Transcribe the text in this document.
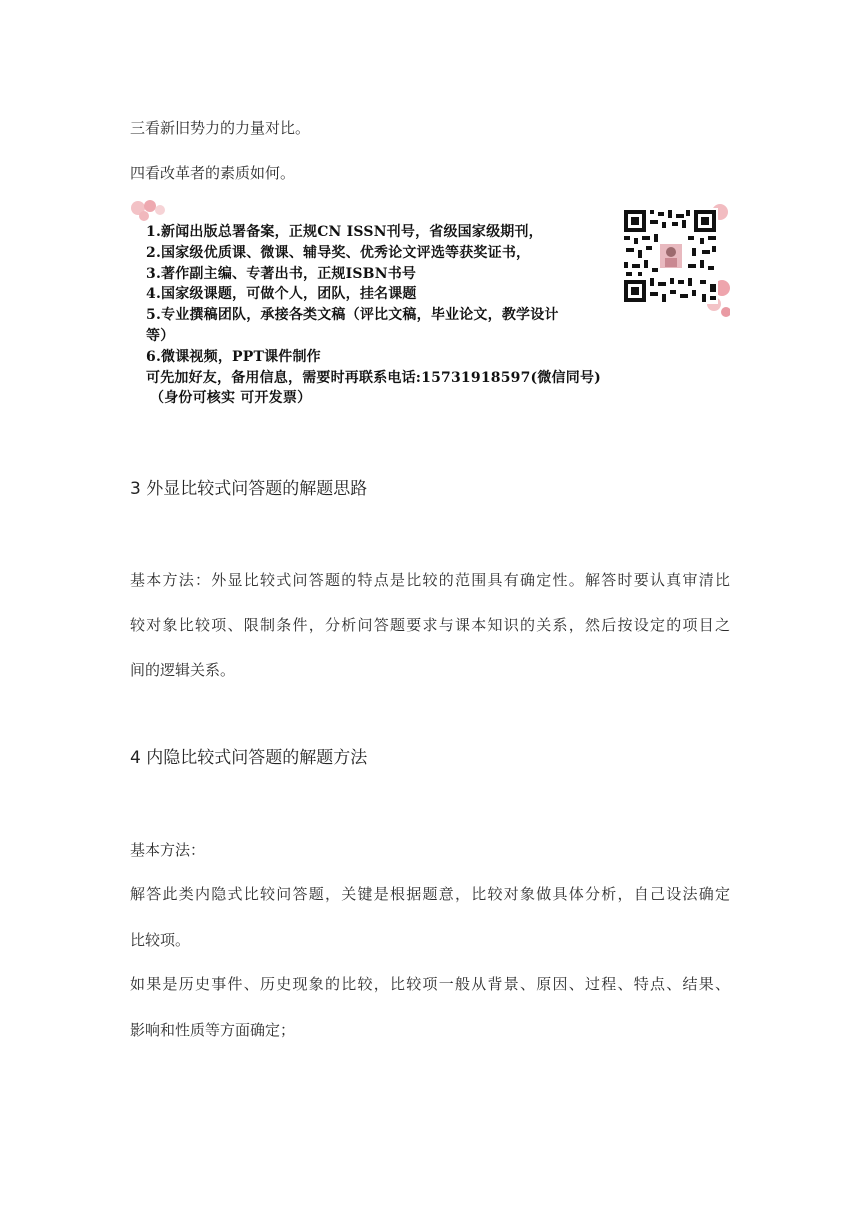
三看新旧势力的力量对比。

四看改革者的素质如何。

1.新闻出版总署备案，正规CN ISSN刊号，省级国家级期刊，
2.国家级优质课、微课、辅导奖、优秀论文评选等获奖证书，
3.著作副主编、专著出书，正规ISBN书号
4.国家级课题，可做个人，团队，挂名课题
5.专业撰稿团队，承接各类文稿（评比文稿，毕业论文，教学设计
等）
6.微课视频，PPT课件制作
可先加好友，备用信息，需要时再联系电话:15731918597(微信同号)
（身份可核实 可开发票）
3 外显比较式问答题的解题思路

基本方法：外显比较式问答题的特点是比较的范围具有确定性。解答时要认真审清比

较对象比较项、限制条件，分析问答题要求与课本知识的关系，然后按设定的项目之

间的逻辑关系。

4 内隐比较式问答题的解题方法

基本方法：

解答此类内隐式比较问答题，关键是根据题意，比较对象做具体分析，自己设法确定

比较项。

如果是历史事件、历史现象的比较，比较项一般从背景、原因、过程、特点、结果、

影响和性质等方面确定；
